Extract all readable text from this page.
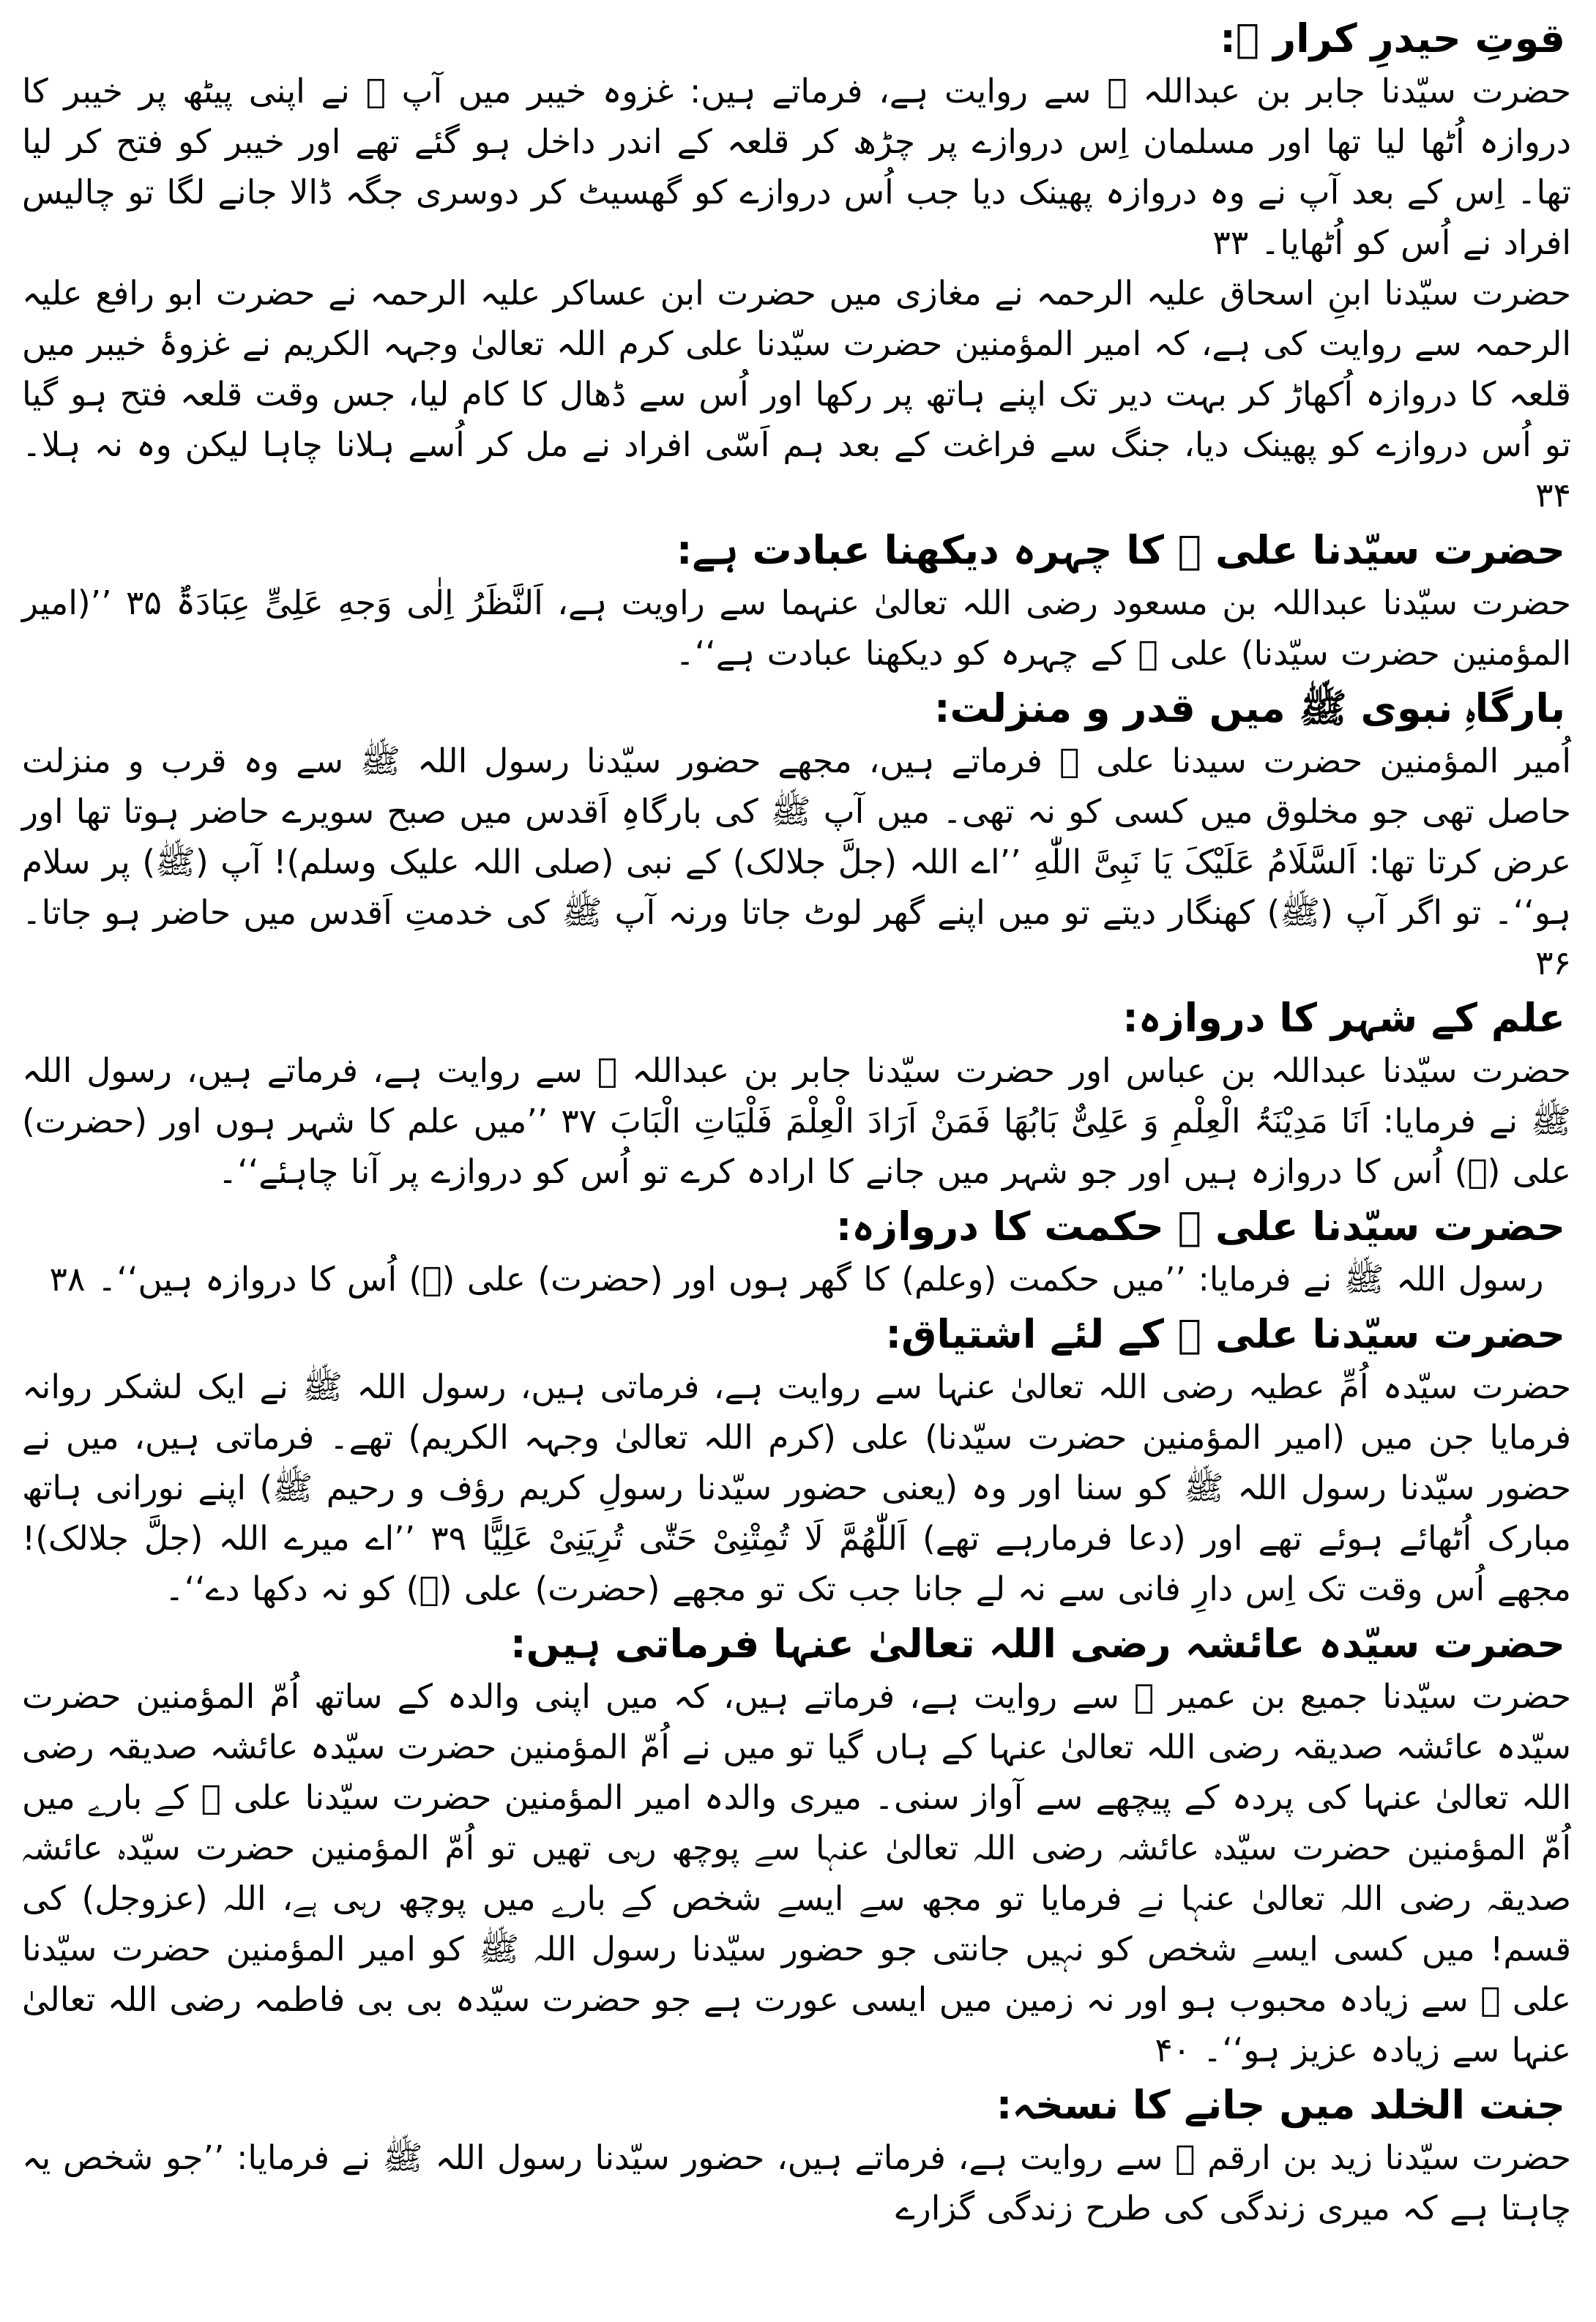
قوتِ حیدرِ کرار ﷜:

حضرت سیّدنا جابر بن عبداللہ ﷜ سے روایت ہے، فرماتے ہیں: غزوہ خیبر میں آپ ﷜ نے اپنی پیٹھ پر خیبر کا دروازہ اُٹھا لیا تھا اور مسلمان اِس دروازے پر چڑھ کر قلعہ کے اندر داخل ہو گئے تھے اور خیبر کو فتح کر لیا تھا۔ اِس کے بعد آپ نے وہ دروازہ پھینک دیا جب اُس دروازے کو گھسیٹ کر دوسری جگہ ڈالا جانے لگا تو چالیس افراد نے اُس کو اُٹھایا۔ ۳۳

حضرت سیّدنا ابنِ اسحاق علیہ الرحمہ نے مغازی میں حضرت ابن عساکر علیہ الرحمہ نے حضرت ابو رافع علیہ الرحمہ سے روایت کی ہے، کہ امیر المؤمنین حضرت سیّدنا علی کرم اللہ تعالیٰ وجہہ الکریم نے غزوۂ خیبر میں قلعہ کا دروازہ اُکھاڑ کر بہت دیر تک اپنے ہاتھ پر رکھا اور اُس سے ڈھال کا کام لیا، جس وقت قلعہ فتح ہو گیا تو اُس دروازے کو پھینک دیا، جنگ سے فراغت کے بعد ہم اَسّی افراد نے مل کر اُسے ہلانا چاہا لیکن وہ نہ ہلا۔ ۳۴

حضرت سیّدنا علی ﷜ کا چہرہ دیکھنا عبادت ہے:

حضرت سیّدنا عبداللہ بن مسعود رضی اللہ تعالیٰ عنہما سے راویت ہے، اَلنَّظَرُ اِلٰی وَجهِ عَلِیٍّ عِبَادَۃٌ ۳۵ ’’(امیر المؤمنین حضرت سیّدنا) علی ﷜ کے چہرہ کو دیکھنا عبادت ہے‘‘۔

بارگاہِ نبوی ﷺ میں قدر و منزلت:

اُمیر المؤمنین حضرت سیدنا علی ﷜ فرماتے ہیں، مجھے حضور سیّدنا رسول اللہ ﷺ سے وہ قرب و منزلت حاصل تھی جو مخلوق میں کسی کو نہ تھی۔ میں آپ ﷺ کی بارگاہِ اَقدس میں صبح سویرے حاضر ہوتا تھا اور عرض کرتا تھا: اَلسَّلَامُ عَلَیْکَ یَا نَبِیَّ اللّٰهِ ’’اے اللہ (جلَّ جلالک) کے نبی (صلی اللہ علیک وسلم)! آپ (ﷺ) پر سلام ہو‘‘۔ تو اگر آپ (ﷺ) کھنگار دیتے تو میں اپنے گھر لوٹ جاتا ورنہ آپ ﷺ کی خدمتِ اَقدس میں حاضر ہو جاتا۔ ۳۶

علم کے شہر کا دروازہ:

حضرت سیّدنا عبداللہ بن عباس اور حضرت سیّدنا جابر بن عبداللہ ﷜ سے روایت ہے، فرماتے ہیں، رسول اللہ ﷺ نے فرمایا: اَنَا مَدِیْنَۃُ الْعِلْمِ وَ عَلِیٌّ بَابُهَا فَمَنْ اَرَادَ الْعِلْمَ فَلْیَاتِ الْبَابَ ۳۷ ’’میں علم کا شہر ہوں اور (حضرت) علی (﷜) اُس کا دروازہ ہیں اور جو شہر میں جانے کا ارادہ کرے تو اُس کو دروازے پر آنا چاہئے‘‘۔

حضرت سیّدنا علی ﷜ حکمت کا دروازہ:

رسول اللہ ﷺ نے فرمایا: ’’میں حکمت (وعلم) کا گھر ہوں اور (حضرت) علی (﷜) اُس کا دروازہ ہیں‘‘۔ ۳۸

حضرت سیّدنا علی ﷜ کے لئے اشتیاق:

حضرت سیّدہ اُمِّ عطیہ رضی اللہ تعالیٰ عنہا سے روایت ہے، فرماتی ہیں، رسول اللہ ﷺ نے ایک لشکر روانہ فرمایا جن میں (امیر المؤمنین حضرت سیّدنا) علی (کرم اللہ تعالیٰ وجہہ الکریم) تھے۔ فرماتی ہیں، میں نے حضور سیّدنا رسول اللہ ﷺ کو سنا اور وہ (یعنی حضور سیّدنا رسولِ کریم رؤف و رحیم ﷺ) اپنے نورانی ہاتھ مبارک اُٹھائے ہوئے تھے اور (دعا فرمارہے تھے) اَللّٰهُمَّ لَا تُمِتْنِیْ حَتّٰی تُرِیَنِیْ عَلِیًّا ۳۹ ’’اے میرے اللہ (جلَّ جلالک)! مجھے اُس وقت تک اِس دارِ فانی سے نہ لے جانا جب تک تو مجھے (حضرت) علی (﷜) کو نہ دکھا دے‘‘۔

حضرت سیّدہ عائشہ رضی اللہ تعالیٰ عنہا فرماتی ہیں:

حضرت سیّدنا جمیع بن عمیر ﷜ سے روایت ہے، فرماتے ہیں، کہ میں اپنی والدہ کے ساتھ اُمّ المؤمنین حضرت سیّدہ عائشہ صدیقہ رضی اللہ تعالیٰ عنہا کے ہاں گیا تو میں نے اُمّ المؤمنین حضرت سیّدہ عائشہ صدیقہ رضی اللہ تعالیٰ عنہا کی پردہ کے پیچھے سے آواز سنی۔ میری والدہ امیر المؤمنین حضرت سیّدنا علی ﷜ کے بارے میں اُمّ المؤمنین حضرت سیّدہ عائشہ رضی اللہ تعالیٰ عنہا سے پوچھ رہی تھیں تو اُمّ المؤمنین حضرت سیّدہ عائشہ صدیقہ رضی اللہ تعالیٰ عنہا نے فرمایا تو مجھ سے ایسے شخص کے بارے میں پوچھ رہی ہے، اللہ (عزوجل) کی قسم! میں کسی ایسے شخص کو نہیں جانتی جو حضور سیّدنا رسول اللہ ﷺ کو امیر المؤمنین حضرت سیّدنا علی ﷜ سے زیادہ محبوب ہو اور نہ زمین میں ایسی عورت ہے جو حضرت سیّدہ بی بی فاطمہ رضی اللہ تعالیٰ عنہا سے زیادہ عزیز ہو‘‘۔ ۴۰

جنت الخلد میں جانے کا نسخہ:

حضرت سیّدنا زید بن ارقم ﷜ سے روایت ہے، فرماتے ہیں، حضور سیّدنا رسول اللہ ﷺ نے فرمایا: ’’جو شخص یہ چاہتا ہے کہ میری زندگی کی طرح زندگی گزارے
